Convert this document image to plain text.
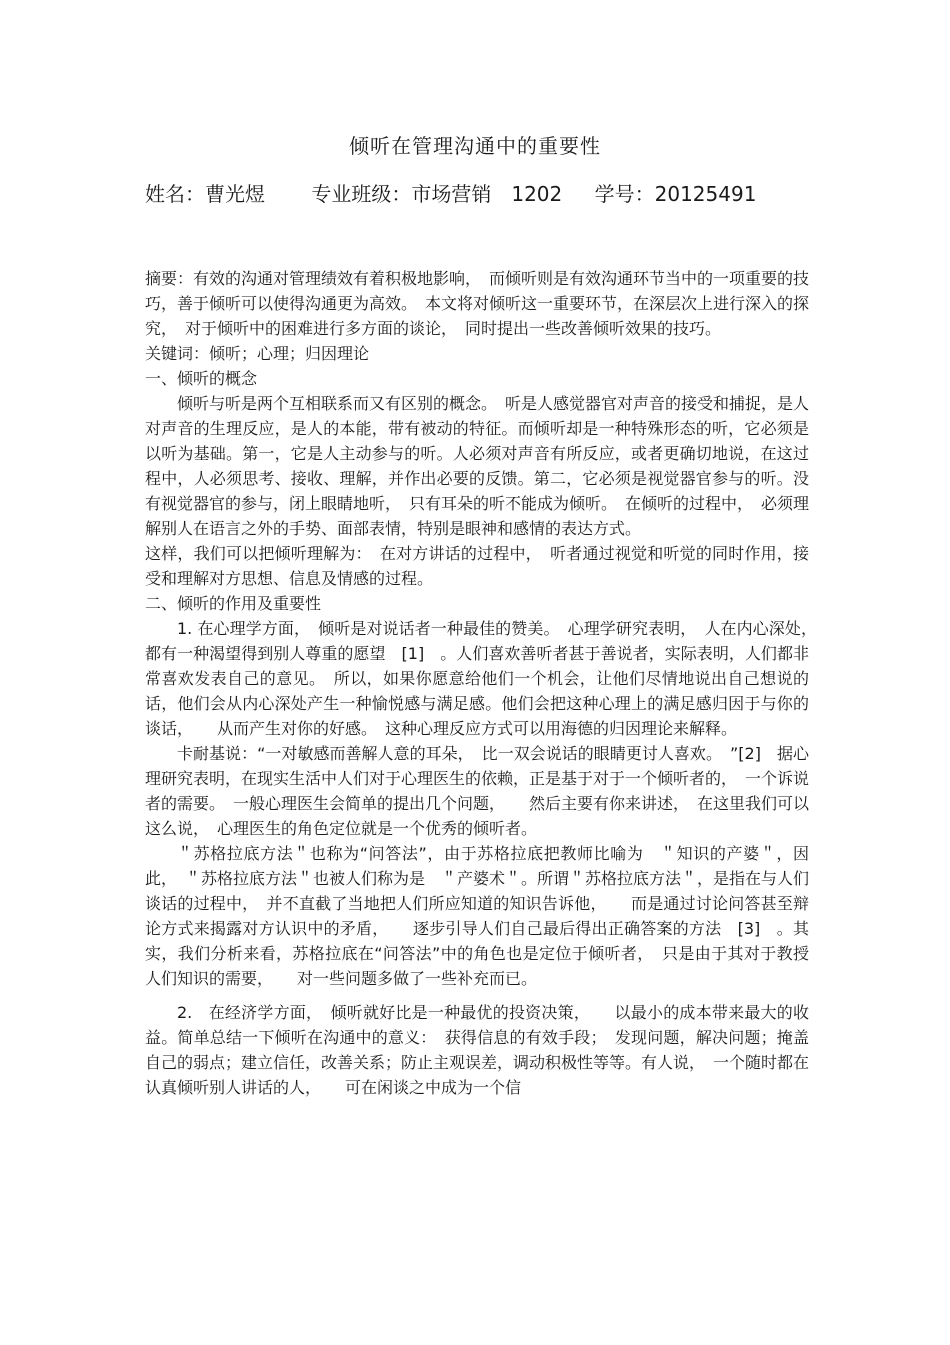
倾听在管理沟通中的重要性
姓名：曹光煜 专业班级：市场营销　1202 学号：20125491

摘要：有效的沟通对管理绩效有着积极地影响，　而倾听则是有效沟通环节当中的一项重要的技巧，善于倾听可以使得沟通更为高效。　本文将对倾听这一重要环节，在深层次上进行深入的探究，　对于倾听中的困难进行多方面的谈论，　同时提出一些改善倾听效果的技巧。

关键词：倾听；心理；归因理论

一、倾听的概念

倾听与听是两个互相联系而又有区别的概念。　听是人感觉器官对声音的接受和捕捉，是人对声音的生理反应，是人的本能，带有被动的特征。而倾听却是一种特殊形态的听，它必须是以听为基础。第一，它是人主动参与的听。人必须对声音有所反应，或者更确切地说，在这过程中，人必须思考、接收、理解，并作出必要的反馈。第二，它必须是视觉器官参与的听。没有视觉器官的参与，闭上眼睛地听，　只有耳朵的听不能成为倾听。　在倾听的过程中，　必须理解别人在语言之外的手势、面部表情，特别是眼神和感情的表达方式。

这样，我们可以把倾听理解为：　在对方讲话的过程中，　听者通过视觉和听觉的同时作用，接受和理解对方思想、信息及情感的过程。

二、倾听的作用及重要性

1. 在心理学方面，　倾听是对说话者一种最佳的赞美。　心理学研究表明，　人在内心深处，　都有一种渴望得到别人尊重的愿望　[1]　。人们喜欢善听者甚于善说者，实际表明，人们都非常喜欢发表自己的意见。　所以，如果你愿意给他们一个机会，让他们尽情地说出自己想说的话，他们会从内心深处产生一种愉悦感与满足感。他们会把这种心理上的满足感归因于与你的谈话，　　从而产生对你的好感。　这种心理反应方式可以用海德的归因理论来解释。

卡耐基说：“一对敏感而善解人意的耳朵，　比一双会说话的眼睛更讨人喜欢。　”[2]　据心理研究表明，在现实生活中人们对于心理医生的依赖，正是基于对于一个倾听者的，　一个诉说者的需要。　一般心理医生会简单的提出几个问题，　　然后主要有你来讲述，　在这里我们可以这么说，　心理医生的角色定位就是一个优秀的倾听者。

＂苏格拉底方法＂也称为“问答法”，由于苏格拉底把教师比喻为　＂知识的产婆＂，因此，　＂苏格拉底方法＂也被人们称为是　＂产婆术＂。所谓＂苏格拉底方法＂，是指在与人们谈话的过程中，　并不直截了当地把人们所应知道的知识告诉他，　　而是通过讨论问答甚至辩论方式来揭露对方认识中的矛盾，　　逐步引导人们自己最后得出正确答案的方法　[3]　。其实，我们分析来看，苏格拉底在“问答法”中的角色也是定位于倾听者，　只是由于其对于教授人们知识的需要，　　对一些问题多做了一些补充而已。

2.　在经济学方面，　倾听就好比是一种最优的投资决策，　　以最小的成本带来最大的收益。简单总结一下倾听在沟通中的意义：　获得信息的有效手段；　发现问题，解决问题；掩盖自己的弱点；建立信任，改善关系；防止主观误差，调动积极性等等。有人说，　一个随时都在认真倾听别人讲话的人，　　可在闲谈之中成为一个信
